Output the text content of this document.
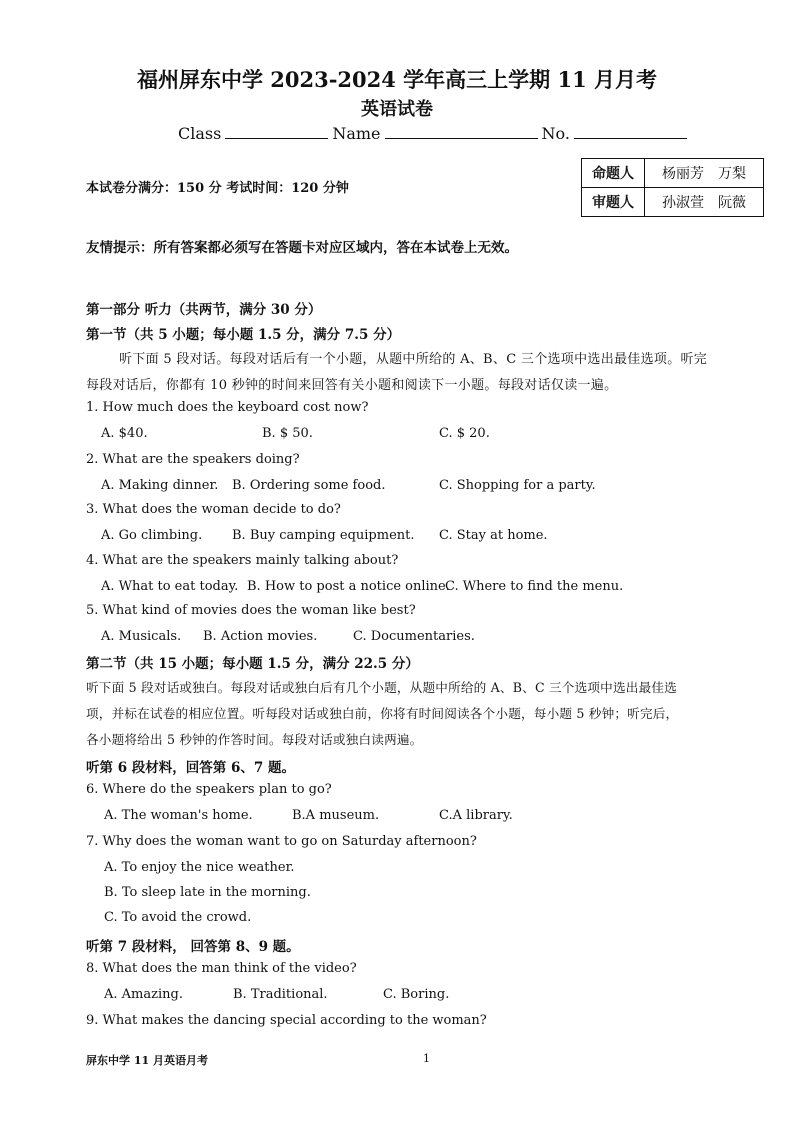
福州屏东中学 2023-2024 学年高三上学期 11 月月考
英语试卷
Class	Name	No.
本试卷分满分：150 分 考试时间：120 分钟
命题人	杨丽芳　万梨
审题人	孙淑萱　阮薇
友情提示：所有答案都必须写在答题卡对应区域内，答在本试卷上无效。
第一部分 听力（共两节，满分 30 分）
第一节（共 5 小题；每小题 1.5 分，满分 7.5 分）
听下面 5 段对话。每段对话后有一个小题，从题中所给的 A、B、C 三个选项中选出最佳选项。听完
每段对话后，你都有 10 秒钟的时间来回答有关小题和阅读下一小题。每段对话仅读一遍。
1. How much does the keyboard cost now?
A. $40.	B. $ 50.	C. $ 20.
2. What are the speakers doing?
A. Making dinner. B. Ordering some food.	C. Shopping for a party.
3. What does the woman decide to do?
A. Go climbing. B. Buy camping equipment. C. Stay at home.
4. What are the speakers mainly talking about?
A. What to eat today. B. How to post a notice online.
C. Where to find the menu.
5. What kind of movies does the woman like best?
A. Musicals. B. Action movies.	C. Documentaries.
第二节（共 15 小题；每小题 1.5 分，满分 22.5 分）
听下面 5 段对话或独白。每段对话或独白后有几个小题，从题中所给的 A、B、C 三个选项中选出最佳选
项，并标在试卷的相应位置。听每段对话或独白前，你将有时间阅读各个小题，每小题 5 秒钟；听完后，
各小题将给出 5 秒钟的作答时间。每段对话或独白读两遍。
听第 6 段材料，回答第 6、7 题。
6. Where do the speakers plan to go?
A. The woman's home.	B.A museum.	C.A library.
7. Why does the woman want to go on Saturday afternoon?
A. To enjoy the nice weather.
B. To sleep late in the morning.
C. To avoid the crowd.
听第 7 段材料， 回答第 8、9 题。
8. What does the man think of the video?
A. Amazing.	B. Traditional.	C. Boring.
9. What makes the dancing special according to the woman?
屏东中学 11 月英语月考	1
